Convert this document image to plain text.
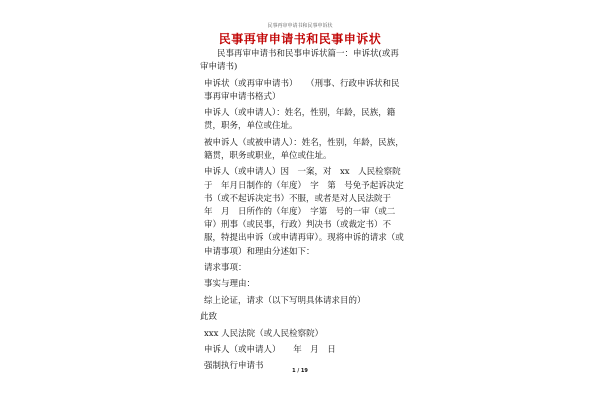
民事再审申请书和民事申诉状
民事再审申请书和民事申诉状

民事再审申请书和民事申诉状篇一：申诉状(或再审申请书)

申诉状（或再审申请书）　　（刑事、行政申诉状和民事再审申请书格式）

申诉人（或申请人）：姓名，性别，年龄，民族，籍贯，职务，单位或住址。

被申诉人（或被申请人）：姓名，性别，年龄，民族，籍贯，职务或职业，单位或住址。

申诉人（或申请人）因　一案，对　xx　人民检察院于　年月日制作的（年度）　字　第　号免予起诉决定书（或不起诉决定书）不服，或者是对人民法院于　年　月　日所作的（年度）　字第　号的一审（或二审）刑事（或民事，行政）判决书（或裁定书）不服，特提出申诉（或申请再审）。现将申诉的请求（或申请事项）和理由分述如下：

请求事项：

事实与理由：

综上论证，请求（以下写明具体请求目的）

此致

xxx 人民法院（或人民检察院）

申诉人（或申请人）　　年　月　日

强制执行申请书	1 / 19
